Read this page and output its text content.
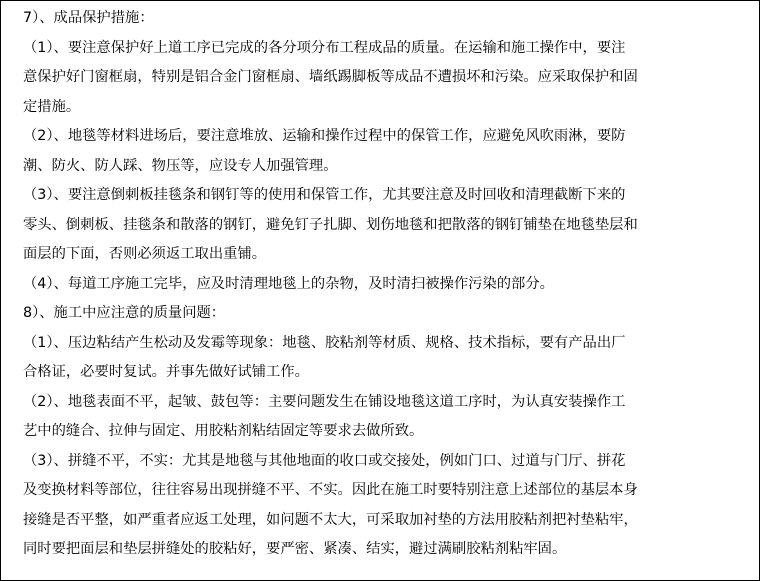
7）、成品保护措施：
（1）、要注意保护好上道工序已完成的各分项分布工程成品的质量。在运输和施工操作中，要注
意保护好门窗框扇，特别是铝合金门窗框扇、墙纸踢脚板等成品不遭损坏和污染。应采取保护和固
定措施。
（2）、地毯等材料进场后，要注意堆放、运输和操作过程中的保管工作，应避免风吹雨淋，要防
潮、防火、防人踩、物压等，应设专人加强管理。
（3）、要注意倒刺板挂毯条和钢钉等的使用和保管工作，尤其要注意及时回收和清理截断下来的
零头、倒刺板、挂毯条和散落的钢钉，避免钉子扎脚、划伤地毯和把散落的钢钉铺垫在地毯垫层和
面层的下面，否则必须返工取出重铺。
（4）、每道工序施工完毕，应及时清理地毯上的杂物，及时清扫被操作污染的部分。
8）、施工中应注意的质量问题：
（1）、压边粘结产生松动及发霉等现象：地毯、胶粘剂等材质、规格、技术指标，要有产品出厂
合格证，必要时复试。并事先做好试铺工作。
（2）、地毯表面不平，起皱、鼓包等：主要问题发生在铺设地毯这道工序时，为认真安装操作工
艺中的缝合、拉伸与固定、用胶粘剂粘结固定等要求去做所致。
（3）、拼缝不平，不实：尤其是地毯与其他地面的收口或交接处，例如门口、过道与门厅、拼花
及变换材料等部位，往往容易出现拼缝不平、不实。因此在施工时要特别注意上述部位的基层本身
接缝是否平整，如严重者应返工处理，如问题不太大，可采取加衬垫的方法用胶粘剂把衬垫粘牢，
同时要把面层和垫层拼缝处的胶粘好，要严密、紧凑、结实，避过满刷胶粘剂粘牢固。
